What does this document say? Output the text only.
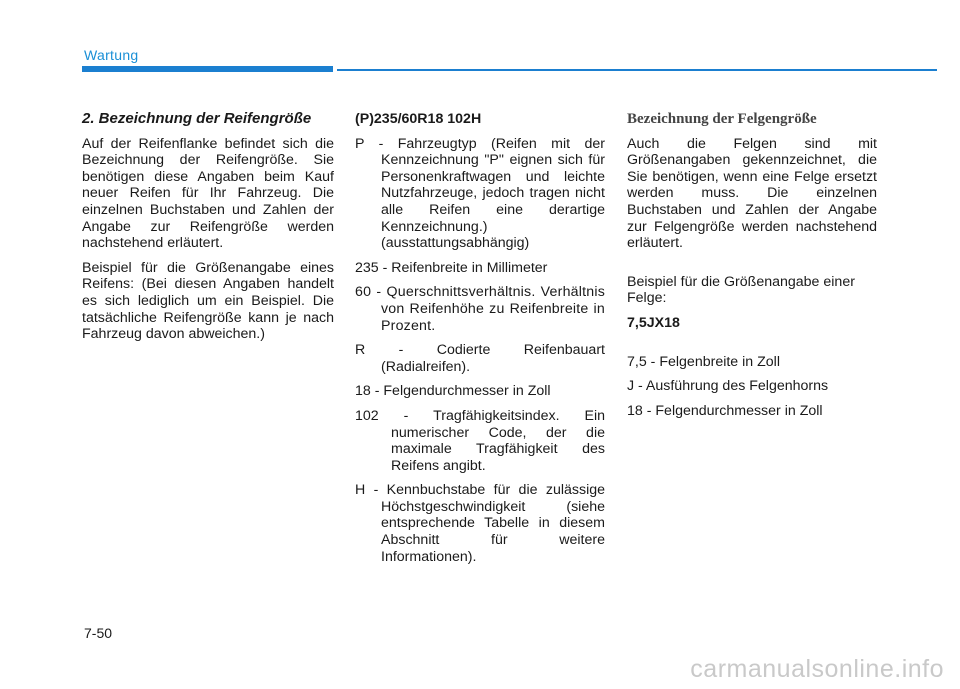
Wartung

2. Bezeichnung der Reifengröße

Auf der Reifenflanke befindet sich die Bezeichnung der Reifengröße. Sie benötigen diese Angaben beim Kauf neuer Reifen für Ihr Fahrzeug. Die einzelnen Buchstaben und Zahlen der Angabe zur Reifengröße werden nachstehend erläutert.

Beispiel für die Größenangabe eines Reifens: (Bei diesen Angaben handelt es sich lediglich um ein Beispiel. Die tatsächliche Reifengröße kann je nach Fahrzeug davon abweichen.)

(P)235/60R18 102H

P - Fahrzeugtyp (Reifen mit der Kennzeichnung "P" eignen sich für Personenkraftwagen und leichte Nutzfahrzeuge, jedoch tragen nicht alle Reifen eine derartige Kennzeichnung.) (ausstattungsabhängig)

235 - Reifenbreite in Millimeter

60 - Querschnittsverhältnis. Verhältnis von Reifenhöhe zu Reifenbreite in Prozent.

R - Codierte Reifenbauart (Radialreifen).

18 - Felgendurchmesser in Zoll

102 - Tragfähigkeitsindex. Ein numerischer Code, der die maximale Tragfähigkeit des Reifens angibt.

H - Kennbuchstabe für die zulässige Höchstgeschwindigkeit (siehe entsprechende Tabelle in diesem Abschnitt für weitere Informationen).

Bezeichnung der Felgengröße

Auch die Felgen sind mit Größenangaben gekennzeichnet, die Sie benötigen, wenn eine Felge ersetzt werden muss. Die einzelnen Buchstaben und Zahlen der Angabe zur Felgengröße werden nachstehend erläutert.

Beispiel für die Größenangabe einer Felge:

7,5JX18

7,5 - Felgenbreite in Zoll

J - Ausführung des Felgenhorns

18 - Felgendurchmesser in Zoll

7-50
carmanualsonline.info
